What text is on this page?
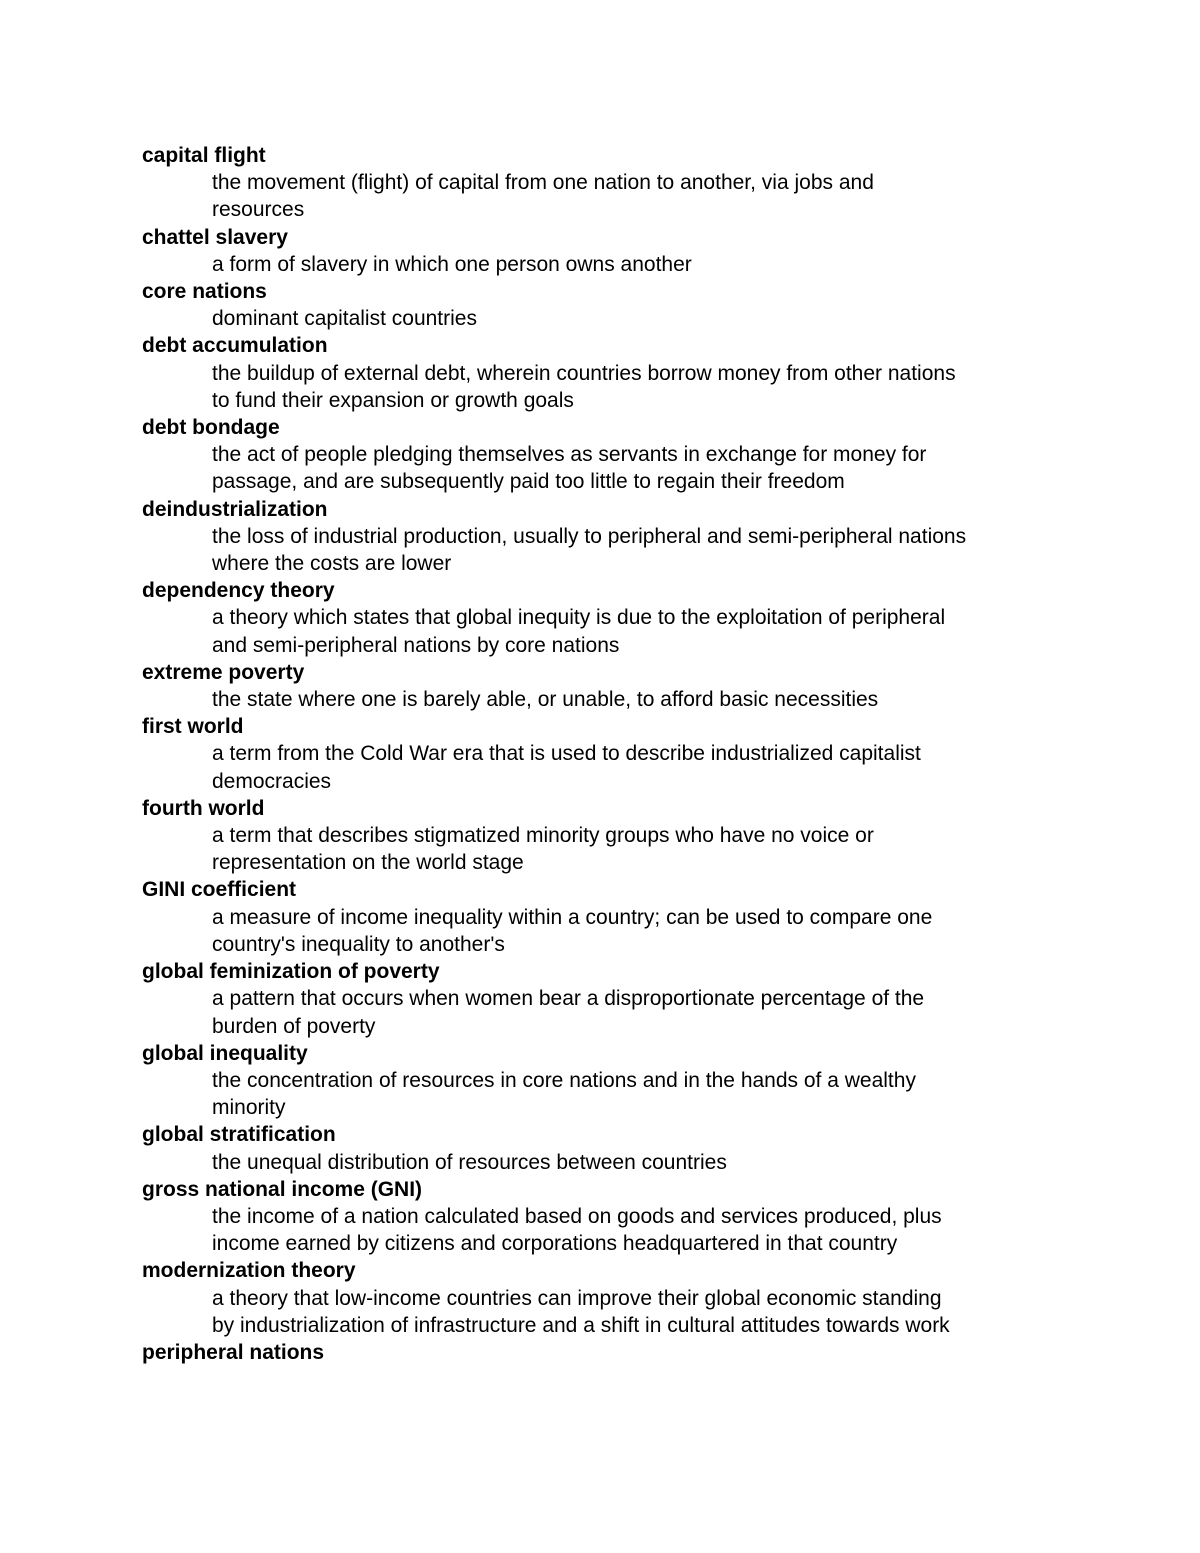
capital flight
the movement (flight) of capital from one nation to another, via jobs and
resources
chattel slavery
a form of slavery in which one person owns another
core nations
dominant capitalist countries
debt accumulation
the buildup of external debt, wherein countries borrow money from other nations
to fund their expansion or growth goals
debt bondage
the act of people pledging themselves as servants in exchange for money for
passage, and are subsequently paid too little to regain their freedom
deindustrialization
the loss of industrial production, usually to peripheral and semi-peripheral nations
where the costs are lower
dependency theory
a theory which states that global inequity is due to the exploitation of peripheral
and semi-peripheral nations by core nations
extreme poverty
the state where one is barely able, or unable, to afford basic necessities
first world
a term from the Cold War era that is used to describe industrialized capitalist
democracies
fourth world
a term that describes stigmatized minority groups who have no voice or
representation on the world stage
GINI coefficient
a measure of income inequality within a country; can be used to compare one
country's inequality to another's
global feminization of poverty
a pattern that occurs when women bear a disproportionate percentage of the
burden of poverty
global inequality
the concentration of resources in core nations and in the hands of a wealthy
minority
global stratification
the unequal distribution of resources between countries
gross national income (GNI)
the income of a nation calculated based on goods and services produced, plus
income earned by citizens and corporations headquartered in that country
modernization theory
a theory that low-income countries can improve their global economic standing
by industrialization of infrastructure and a shift in cultural attitudes towards work
peripheral nations
